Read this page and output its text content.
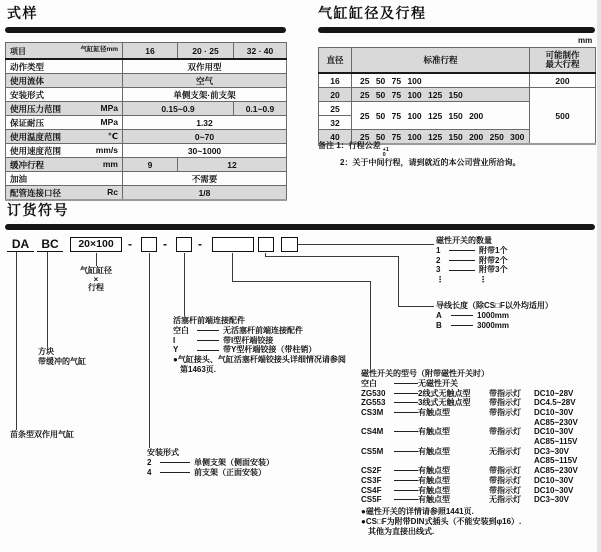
式样	气缸缸径及行程
订货符号
mm
项目 气缸缸径mm	16	20 · 25	32 · 40

动作类型	双作用型		

使用流体	空气		

安装形式	单侧支架·前支架		

使用压力范围 MPa	0.15~0.9		0.1~0.9

保证耐压 MPa	1.32		

使用温度范围 ℃	0~70		

使用速度范围 mm/s	30~1000		

缓冲行程 mm	9	12	

加油	不需要		

配管连接口径 Rc	1/8		
直径	标准行程	可能制作
最大行程
16	25 50 75 100	200
20	25 50 75 100 125 150	500
25	25 50 75 100 125 150 200	
32		
40	25 50 75 100 125 150 200 250 300	
备注 1：行程公差 +1
0
2：关于中间行程，请到就近的本公司营业所洽询。
DA	BC	20×100	-	-	-
气缸缸径
×
行程
方块
带缓冲的气缸
苗条型双作用气缸
安装形式
2	单侧支架（侧面安装）
4	前支架（正面安装）
活塞杆前端连接配件
空白	无活塞杆前端连接配件
I	带I型杆端铰接
Y	带Y型杆端铰接（带柱销）
●气缸接头、气缸活塞杆端铰接头详细情况请参阅
第1463页.
磁性开关的数量
1	附带1个
2	附带2个
3	附带3个
⋮	⋮
导线长度（除CS□F以外均适用）
A	1000mm
B	3000mm
磁性开关的型号（附带磁性开关时）
空白	无磁性开关
ZG530	2线式无触点型	带指示灯	DC10~28V
ZG553	3线式无触点型	带指示灯	DC4.5~28V
CS3M	有触点型	带指示灯	DC10~30V
AC85~230V
CS4M	有触点型	带指示灯	DC10~30V
AC85~115V
CS5M	有触点型	无指示灯	DC3~30V
AC85~115V
CS2F	有触点型	带指示灯	AC85~230V
CS3F	有触点型	带指示灯	DC10~30V
CS4F	有触点型	带指示灯	DC10~30V
CS5F	有触点型	无指示灯	DC3~30V
●磁性开关的详情请参照1441页.
●CS□F为附带DIN式插头（不能安装到φ16）.
其他为直接出线式.
